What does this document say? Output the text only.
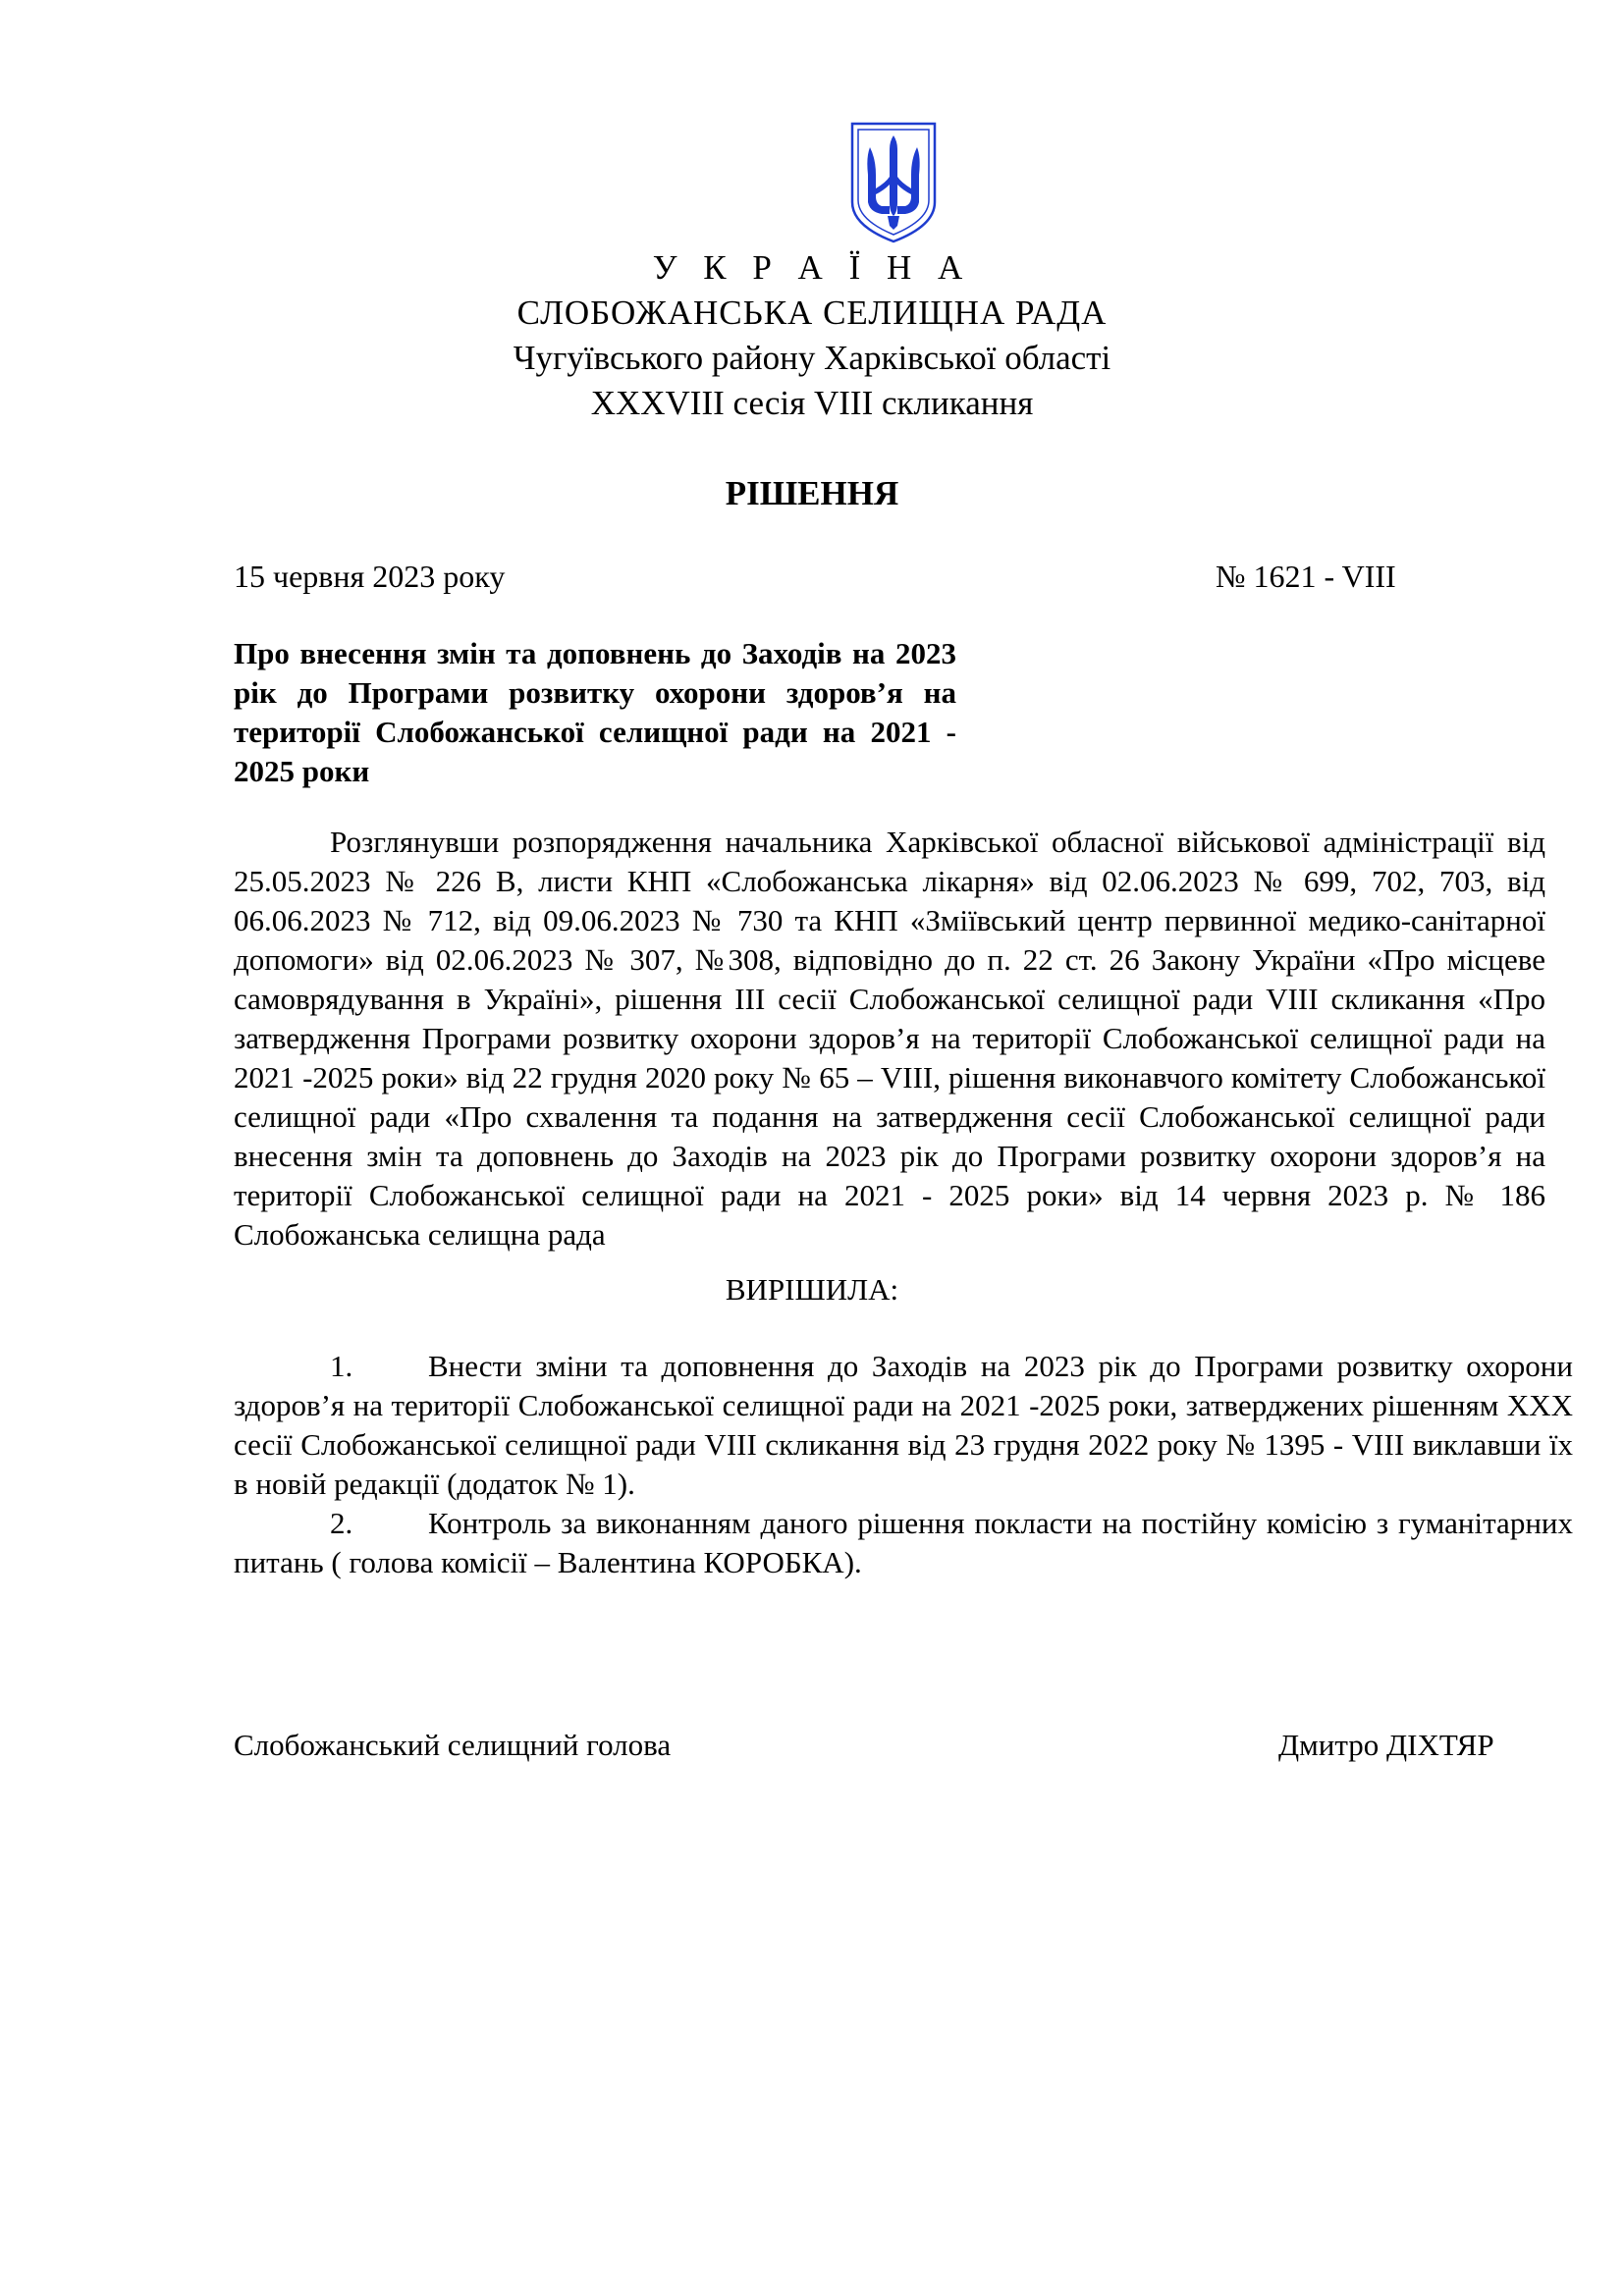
У К Р А Ї Н А
СЛОБОЖАНСЬКА СЕЛИЩНА РАДА
Чугуївського району Харківської області
XXXVIII сесія VIII скликання
РІШЕННЯ
15 червня 2023 року	№ 1621 - VIII
Про внесення змін та доповнень до Заходів на 2023 рік до Програми розвитку охорони здоров’я на території Слобожанської селищної ради на 2021 - 2025 роки
Розглянувши розпорядження начальника Харківської обласної військової адміністрації від 25.05.2023 № 226 В, листи КНП «Слобожанська лікарня» від 02.06.2023 № 699, 702, 703, від 06.06.2023 № 712, від 09.06.2023 № 730 та КНП «Зміївський центр первинної медико-санітарної допомоги» від 02.06.2023 № 307, №308, відповідно до п. 22 ст. 26 Закону України «Про місцеве самоврядування в Україні», рішення ІІІ сесії Слобожанської селищної ради VIIІ скликання «Про затвердження Програми розвитку охорони здоров’я на території Слобожанської селищної ради на 2021 -2025 роки» від 22 грудня 2020 року № 65 – VIIІ, рішення виконавчого комітету Слобожанської селищної ради «Про схвалення та подання на затвердження сесії Слобожанської селищної ради внесення змін та доповнень до Заходів на 2023 рік до Програми розвитку охорони здоров’я на території Слобожанської селищної ради на 2021 - 2025 роки» від 14 червня 2023 р. № 186 Слобожанська селищна рада
ВИРІШИЛА:

1. Внести зміни та доповнення до Заходів на 2023 рік до Програми розвитку охорони здоров’я на території Слобожанської селищної ради на 2021 -2025 роки, затверджених рішенням XXX сесії Слобожанської селищної ради VIII скликання від 23 грудня 2022 року № 1395 - VIII виклавши їх в новій редакції (додаток № 1).

2. Контроль за виконанням даного рішення покласти на постійну комісію з гуманітарних питань ( голова комісії – Валентина КОРОБКА).

Слобожанський селищний голова	Дмитро ДІХТЯР
